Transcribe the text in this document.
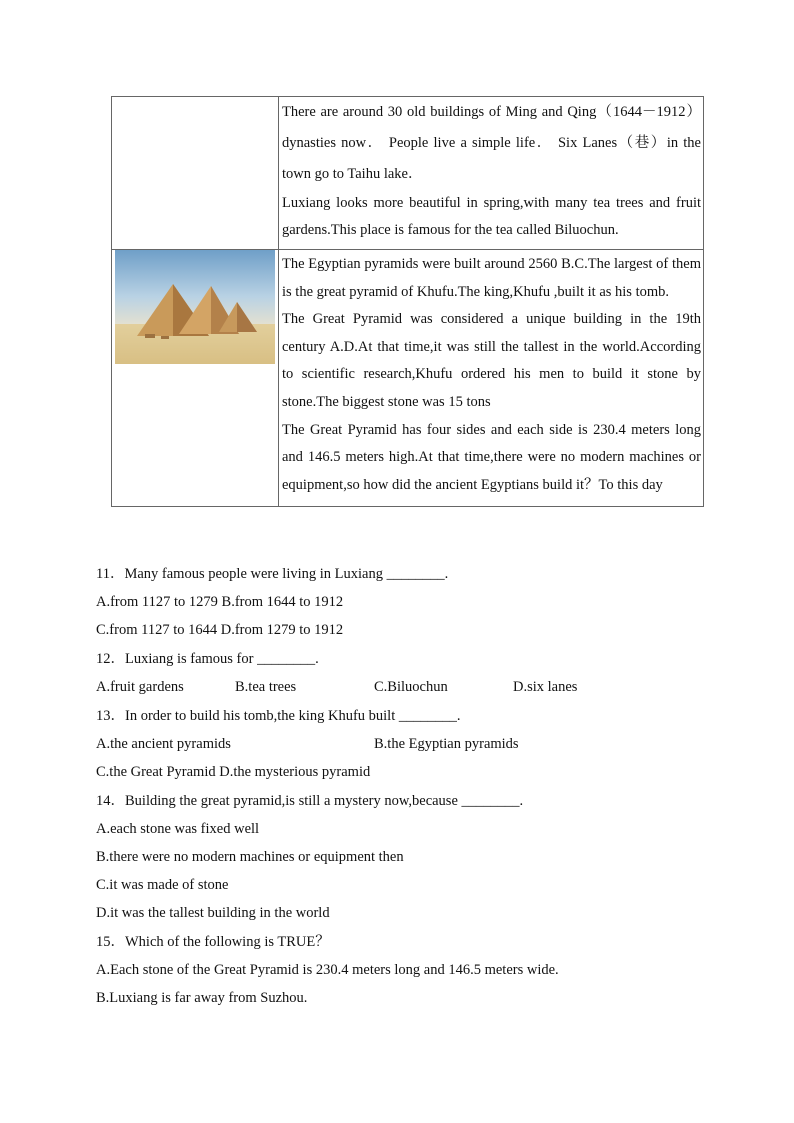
	There are around 30 old buildings of Ming and Qing（1644－1912）dynasties now． People live a simple life． Six Lanes（巷）in the town go to Taihu lake．
Luxiang looks more beautiful in spring,with many tea trees and fruit gardens.This place is famous for the tea called Biluochun.

The Egyptian pyramids were built around 2560 B.C.The largest of them is the great pyramid of Khufu.The king,Khufu ,built it as his tomb.
The Great Pyramid was considered a unique building in the 19th century A.D.At that time,it was still the tallest in the world.According to scientific research,Khufu ordered his men to build it stone by stone.The biggest stone was 15 tons
The Great Pyramid has four sides and each side is 230.4 meters long and 146.5 meters high.At that time,there were no modern machines or equipment,so how did the ancient Egyptians build it？To this day
11．Many famous people were living in Luxiang ________.
A.from 1127 to 1279 B.from 1644 to 1912
C.from 1127 to 1644 D.from 1279 to 1912
12．Luxiang is famous for ________.
A.fruit gardens	B.tea trees	C.Biluochun	D.six lanes
13．In order to build his tomb,the king Khufu built ________.
A.the ancient pyramids	B.the Egyptian pyramids
C.the Great Pyramid D.the mysterious pyramid
14．Building the great pyramid,is still a mystery now,because ________.
A.each stone was fixed well
B.there were no modern machines or equipment then
C.it was made of stone
D.it was the tallest building in the world
15．Which of the following is TRUE？
A.Each stone of the Great Pyramid is 230.4 meters long and 146.5 meters wide.
B.Luxiang is far away from Suzhou.
